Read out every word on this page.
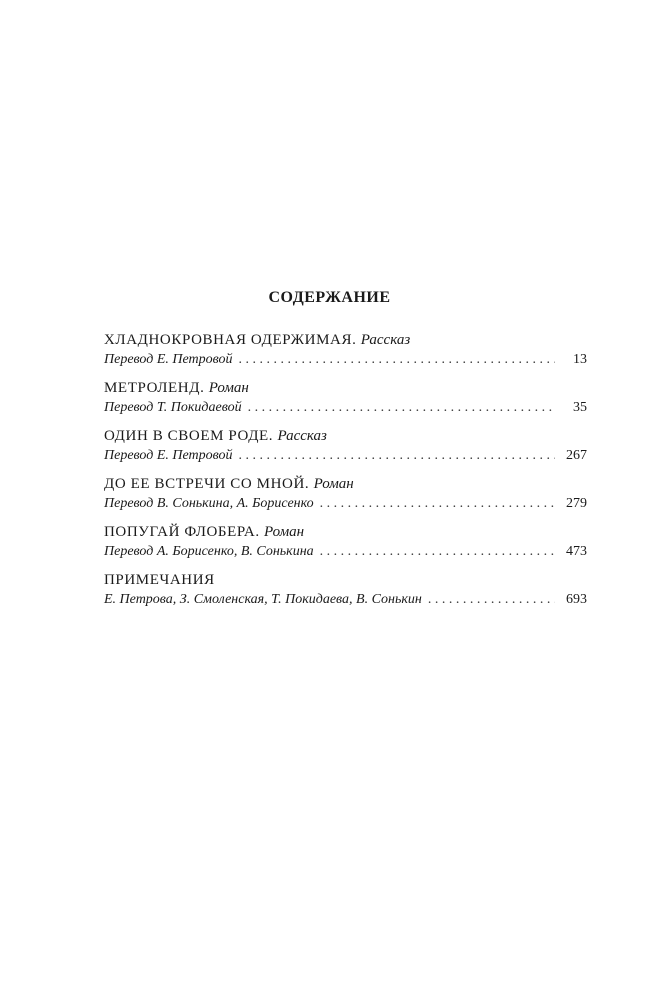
СОДЕРЖАНИЕ
ХЛАДНОКРОВНАЯ ОДЕРЖИМАЯ. Рассказ
Перевод Е. Петровой . . .	13
МЕТРОЛЕНД. Роман
Перевод Т. Покидаевой . . .	35
ОДИН В СВОЕМ РОДЕ. Рассказ
Перевод Е. Петровой . . .	267
ДО ЕЕ ВСТРЕЧИ СО МНОЙ. Роман
Перевод В. Сонькина, А. Борисенко . . .	279
ПОПУГАЙ ФЛОБЕРА. Роман
Перевод А. Борисенко, В. Сонькина . . .	473
ПРИМЕЧАНИЯ
Е. Петрова, З. Смоленская, Т. Покидаева, В. Сонькин . . .	693
